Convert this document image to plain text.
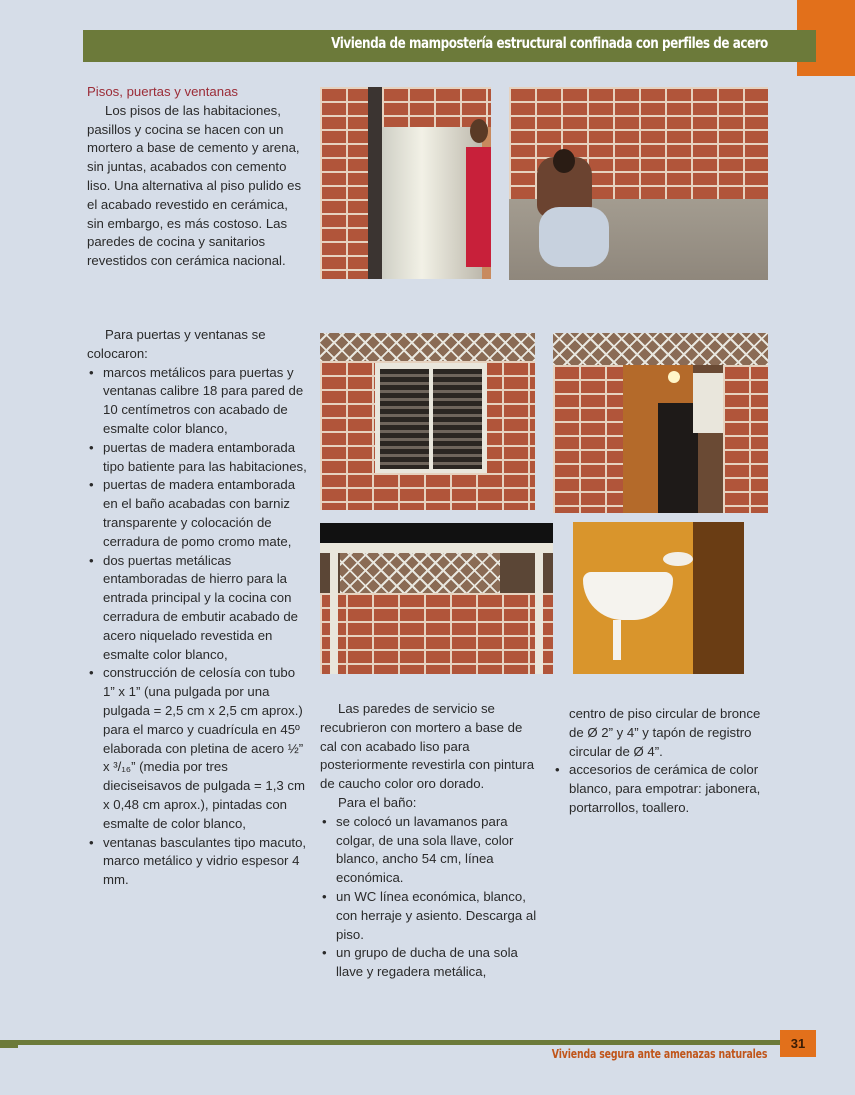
Vivienda de mampostería estructural confinada con perfiles de acero
Pisos, puertas y ventanas

Los pisos de las habitaciones, pasillos y cocina se hacen con un mortero a base de cemento y arena, sin juntas, acabados con cemento liso. Una alternativa al piso pulido es el acabado revestido en cerámica, sin embargo, es más costoso. Las paredes de cocina y sanitarios revestidos con cerámica nacional.

Para puertas y ventanas se colocaron:

• marcos metálicos para puertas y ventanas calibre 18 para pared de 10 centímetros con acabado de esmalte color blanco,
• puertas de madera entamborada tipo batiente para las habitaciones,
• puertas de madera entamborada en el baño acabadas con barniz transparente y colocación de cerradura de pomo cromo mate,
• dos puertas metálicas entamboradas de hierro para la entrada principal y la cocina con cerradura de embutir acabado de acero niquelado revestida en esmalte color blanco,
• construcción de celosía con tubo 1” x 1” (una pulgada por una pulgada = 2,5 cm x 2,5 cm aprox.) para el marco y cuadrícula en 45º elaborada con pletina de acero ½” x ³/₁₆” (media por tres dieciseisavos de pulgada = 1,3 cm x 0,48 cm aprox.), pintadas con esmalte de color blanco,
• ventanas basculantes tipo macuto, marco metálico y vidrio espesor 4 mm.

Las paredes de servicio se recubrieron con mortero a base de cal con acabado liso para posteriormente revestirla con pintura de caucho color oro dorado.

Para el baño:

• se colocó un lavamanos para colgar, de una sola llave, color blanco, ancho 54 cm, línea económica.
• un WC línea económica, blanco, con herraje y asiento. Descarga al piso.
• un grupo de ducha de una sola llave y regadera metálica,
centro de piso circular de bronce de Ø 2” y 4” y tapón de registro circular de Ø 4”.
• accesorios de cerámica de color blanco, para empotrar: jabonera, portarrollos, toallero.
31
Vivienda segura ante amenazas naturales
